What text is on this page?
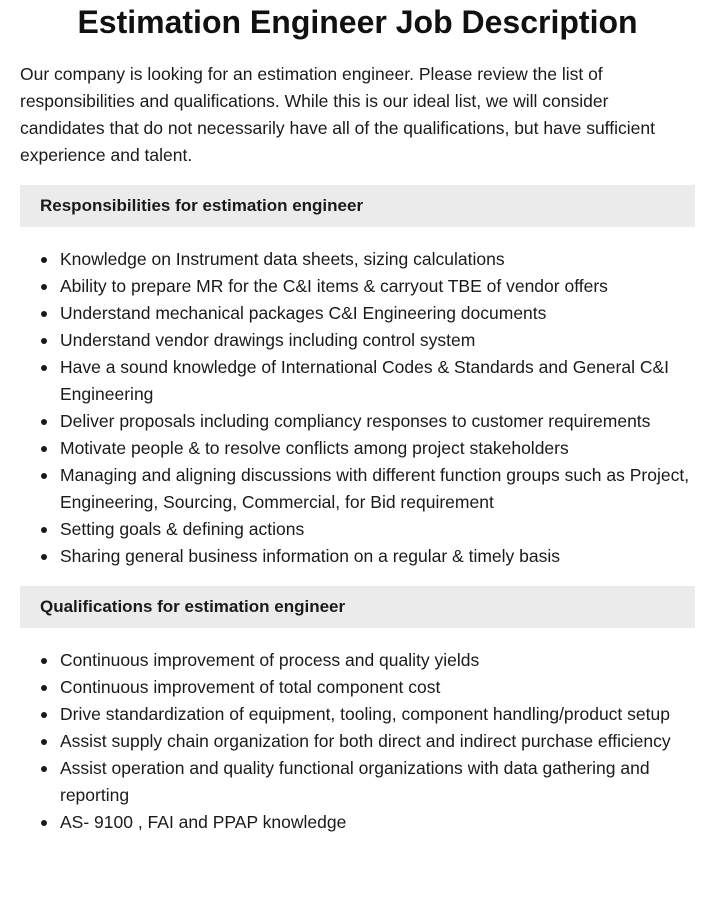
Estimation Engineer Job Description

Our company is looking for an estimation engineer. Please review the list of responsibilities and qualifications. While this is our ideal list, we will consider candidates that do not necessarily have all of the qualifications, but have sufficient experience and talent.

Responsibilities for estimation engineer
Knowledge on Instrument data sheets, sizing calculations
Ability to prepare MR for the C&I items & carryout TBE of vendor offers
Understand mechanical packages C&I Engineering documents
Understand vendor drawings including control system
Have a sound knowledge of International Codes & Standards and General C&I Engineering
Deliver proposals including compliancy responses to customer requirements
Motivate people & to resolve conflicts among project stakeholders
Managing and aligning discussions with different function groups such as Project, Engineering, Sourcing, Commercial, for Bid requirement
Setting goals & defining actions
Sharing general business information on a regular & timely basis
Qualifications for estimation engineer
Continuous improvement of process and quality yields
Continuous improvement of total component cost
Drive standardization of equipment, tooling, component handling/product setup
Assist supply chain organization for both direct and indirect purchase efficiency
Assist operation and quality functional organizations with data gathering and reporting
AS- 9100 , FAI and PPAP knowledge
